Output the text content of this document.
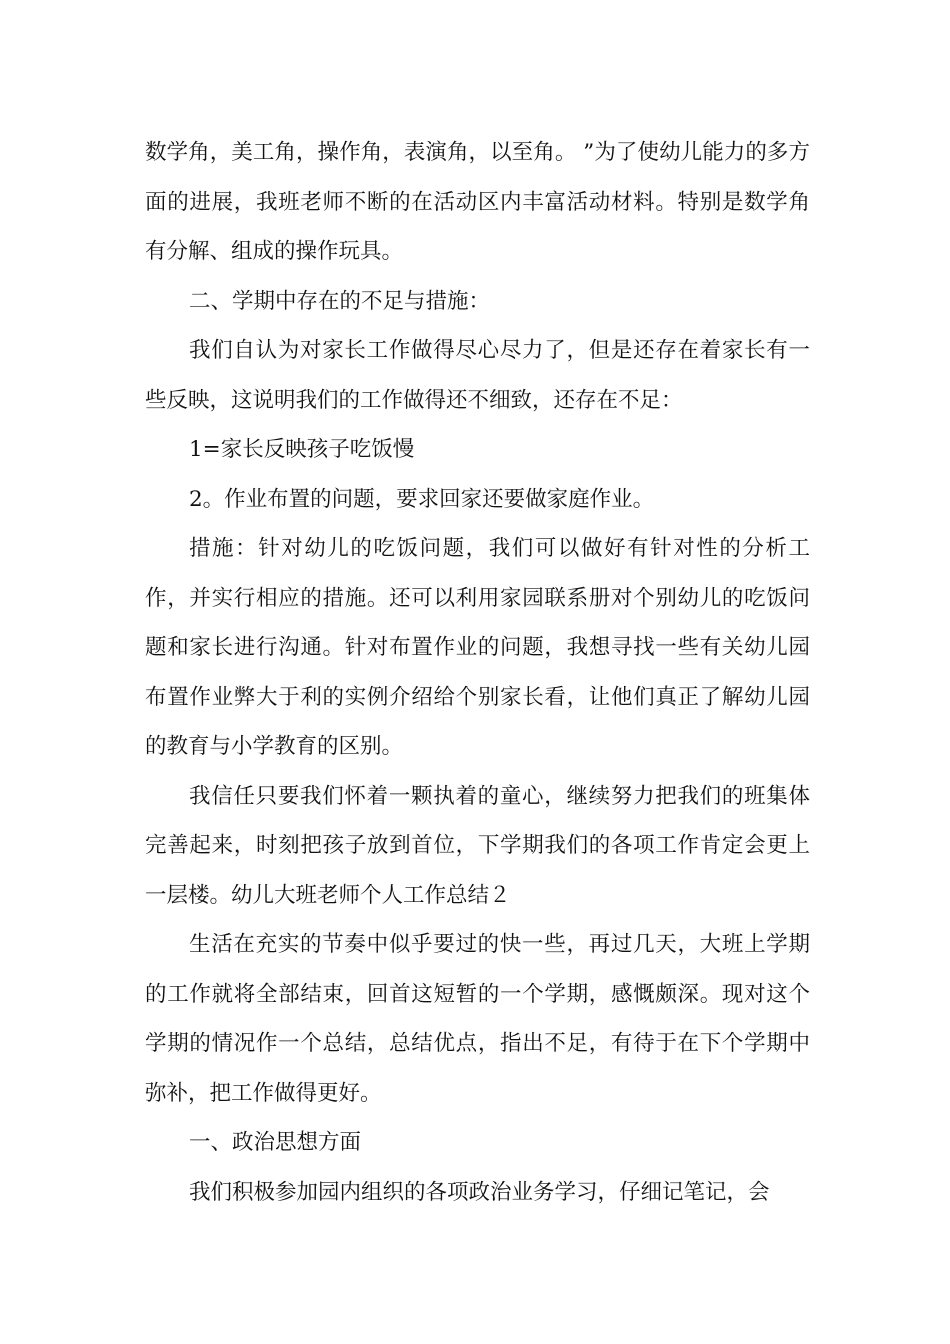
数学角，美工角，操作角，表演角，以至角。 ”为了使幼儿能力的多方面的进展，我班老师不断的在活动区内丰富活动材料。特别是数学角有分解、组成的操作玩具。

二、学期中存在的不足与措施：

我们自认为对家长工作做得尽心尽力了，但是还存在着家长有一些反映，这说明我们的工作做得还不细致，还存在不足：

1=家长反映孩子吃饭慢

2。作业布置的问题，要求回家还要做家庭作业。

措施：针对幼儿的吃饭问题，我们可以做好有针对性的分析工作，并实行相应的措施。还可以利用家园联系册对个别幼儿的吃饭问题和家长进行沟通。针对布置作业的问题，我想寻找一些有关幼儿园布置作业弊大于利的实例介绍给个别家长看，让他们真正了解幼儿园的教育与小学教育的区别。

我信任只要我们怀着一颗执着的童心，继续努力把我们的班集体完善起来，时刻把孩子放到首位，下学期我们的各项工作肯定会更上一层楼。幼儿大班老师个人工作总结２

生活在充实的节奏中似乎要过的快一些，再过几天，大班上学期的工作就将全部结束，回首这短暂的一个学期，感慨颇深。现对这个学期的情况作一个总结，总结优点，指出不足，有待于在下个学期中弥补，把工作做得更好。

一、政治思想方面

我们积极参加园内组织的各项政治业务学习，仔细记笔记，会
